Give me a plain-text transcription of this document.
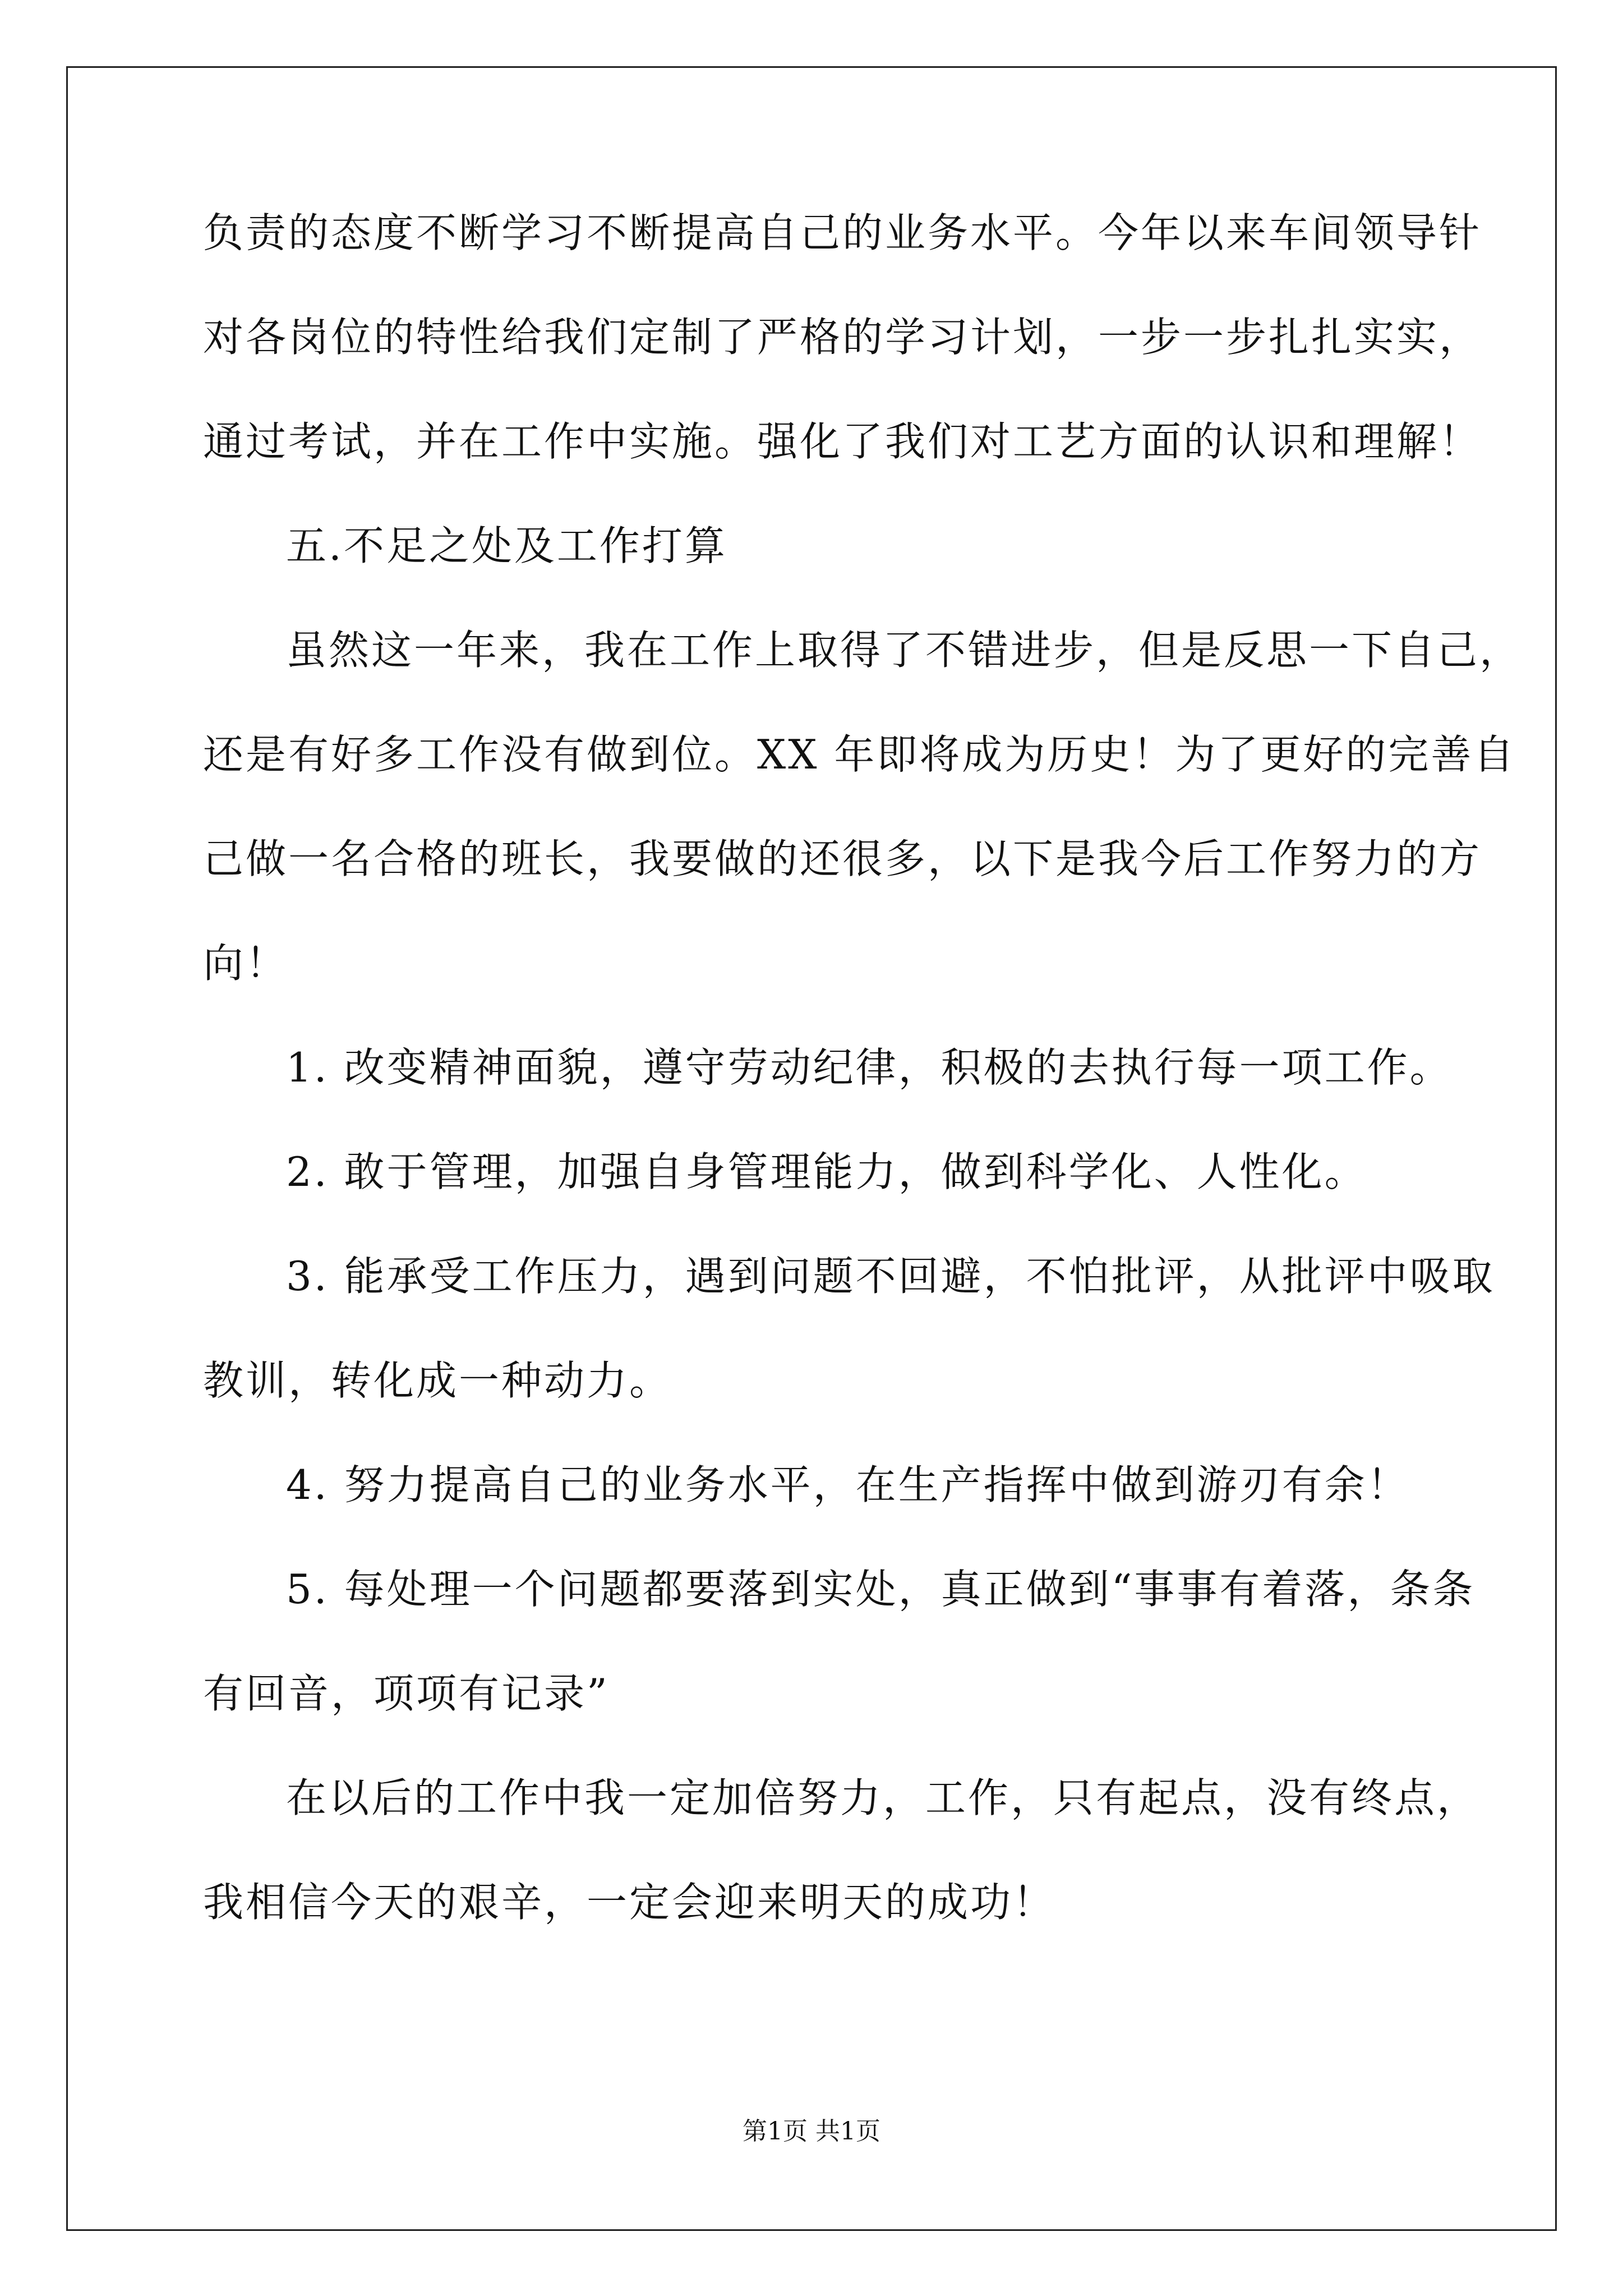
负责的态度不断学习不断提高自己的业务水平。今年以来车间领导针
对各岗位的特性给我们定制了严格的学习计划，一步一步扎扎实实，
通过考试，并在工作中实施。强化了我们对工艺方面的认识和理解！
五.不足之处及工作打算
虽然这一年来，我在工作上取得了不错进步，但是反思一下自己，
还是有好多工作没有做到位。XX 年即将成为历史！为了更好的完善自
己做一名合格的班长，我要做的还很多，以下是我今后工作努力的方
向！
1. 改变精神面貌，遵守劳动纪律，积极的去执行每一项工作。
2. 敢于管理，加强自身管理能力，做到科学化、人性化。
3. 能承受工作压力，遇到问题不回避，不怕批评，从批评中吸取
教训，转化成一种动力。
4. 努力提高自己的业务水平，在生产指挥中做到游刃有余！
5. 每处理一个问题都要落到实处，真正做到“事事有着落，条条
有回音，项项有记录”
在以后的工作中我一定加倍努力，工作，只有起点，没有终点，
我相信今天的艰辛，一定会迎来明天的成功！
第1页 共1页
